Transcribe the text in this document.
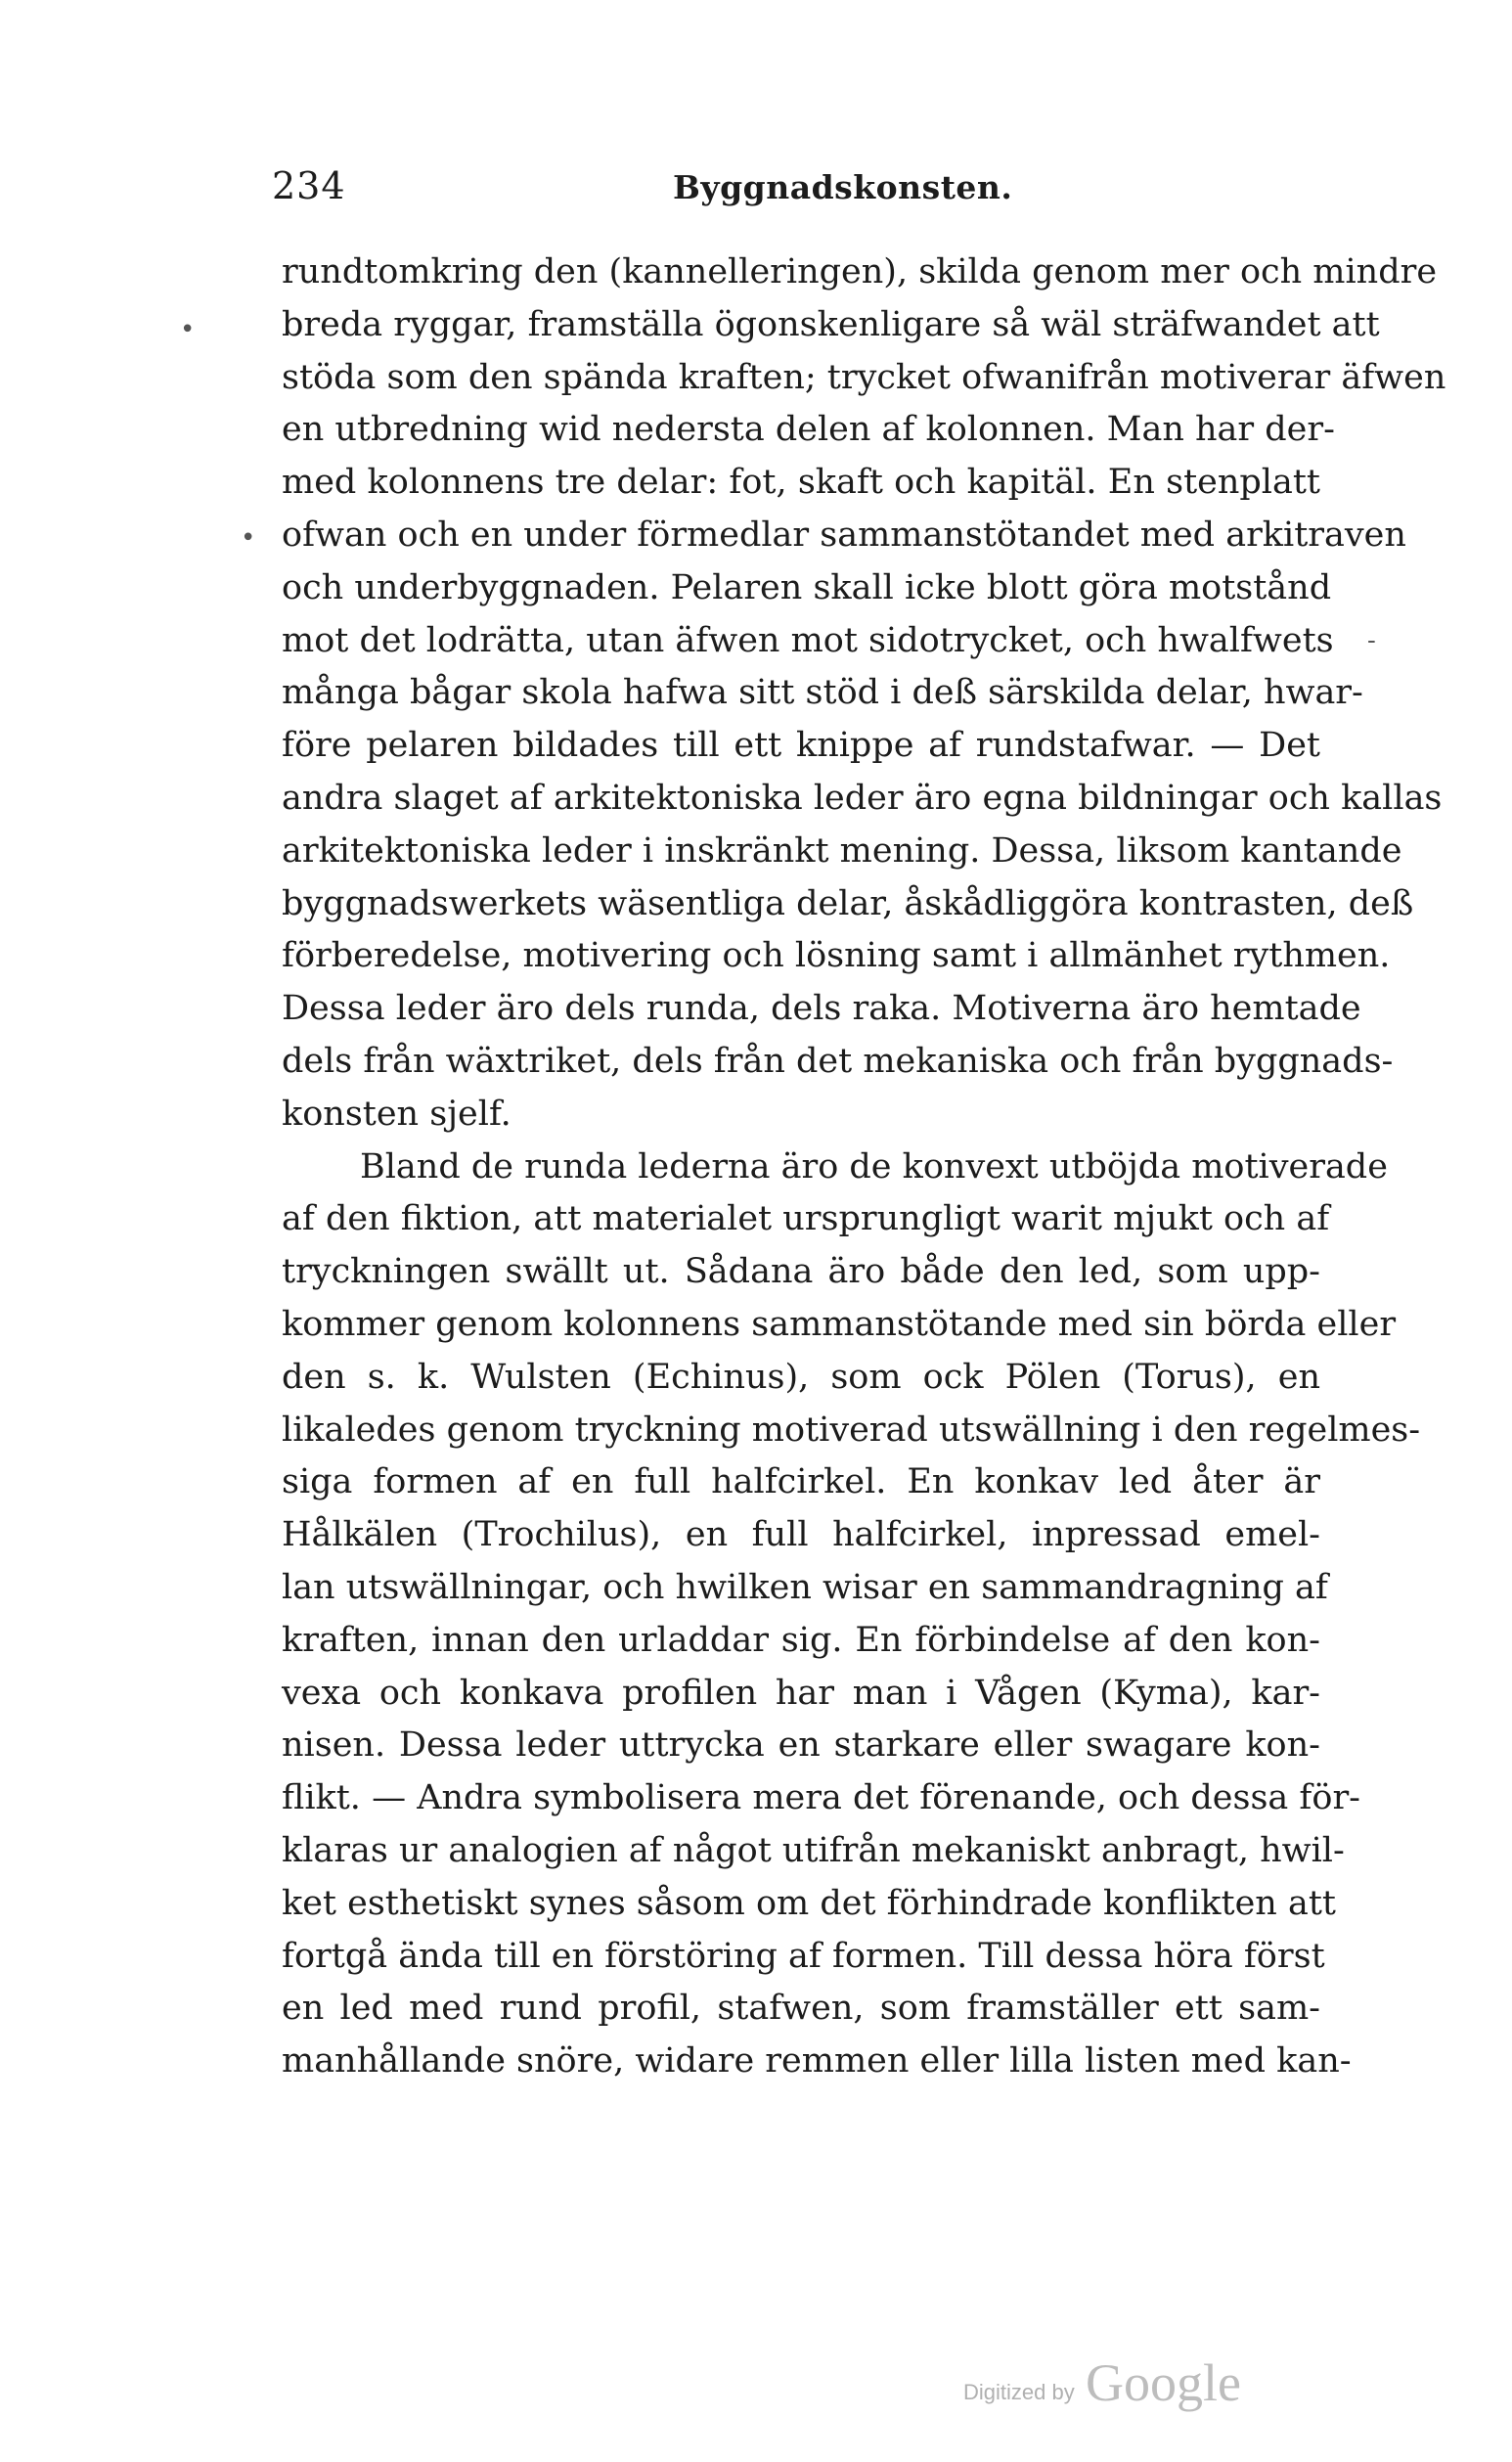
234	Byggnadskonsten.
•
•
-
rundtomkring den (kannelleringen), skilda genom mer och mindre
breda ryggar, framställa ögonskenligare så wäl sträfwandet att
stöda som den spända kraften; trycket ofwanifrån motiverar äfwen
en utbredning wid nedersta delen af kolonnen. Man har der-
med kolonnens tre delar: fot, skaft och kapitäl. En stenplatt
ofwan och en under förmedlar sammanstötandet med arkitraven
och underbyggnaden. Pelaren skall icke blott göra motstånd
mot det lodrätta, utan äfwen mot sidotrycket, och hwalfwets
många bågar skola hafwa sitt stöd i deß särskilda delar, hwar-
före pelaren bildades till ett knippe af rundstafwar. — Det
andra slaget af arkitektoniska leder äro egna bildningar och kallas
arkitektoniska leder i inskränkt mening. Dessa, liksom kantande
byggnadswerkets wäsentliga delar, åskådliggöra kontrasten, deß
förberedelse, motivering och lösning samt i allmänhet rythmen.
Dessa leder äro dels runda, dels raka. Motiverna äro hemtade
dels från wäxtriket, dels från det mekaniska och från byggnads-
konsten sjelf.
Bland de runda lederna äro de konvext utböjda motiverade
af den fiktion, att materialet ursprungligt warit mjukt och af
tryckningen swällt ut. Sådana äro både den led, som upp-
kommer genom kolonnens sammanstötande med sin börda eller
den s. k. Wulsten (Echinus), som ock Pölen (Torus), en
likaledes genom tryckning motiverad utswällning i den regelmes-
siga formen af en full halfcirkel. En konkav led åter är
Hålkälen (Trochilus), en full halfcirkel, inpressad emel-
lan utswällningar, och hwilken wisar en sammandragning af
kraften, innan den urladdar sig. En förbindelse af den kon-
vexa och konkava profilen har man i Vågen (Kyma), kar-
nisen. Dessa leder uttrycka en starkare eller swagare kon-
flikt. — Andra symbolisera mera det förenande, och dessa för-
klaras ur analogien af något utifrån mekaniskt anbragt, hwil-
ket esthetiskt synes såsom om det förhindrade konflikten att
fortgå ända till en förstöring af formen. Till dessa höra först
en led med rund profil, stafwen, som framställer ett sam-
manhållande snöre, widare remmen eller lilla listen med kan-
Digitized by Google
